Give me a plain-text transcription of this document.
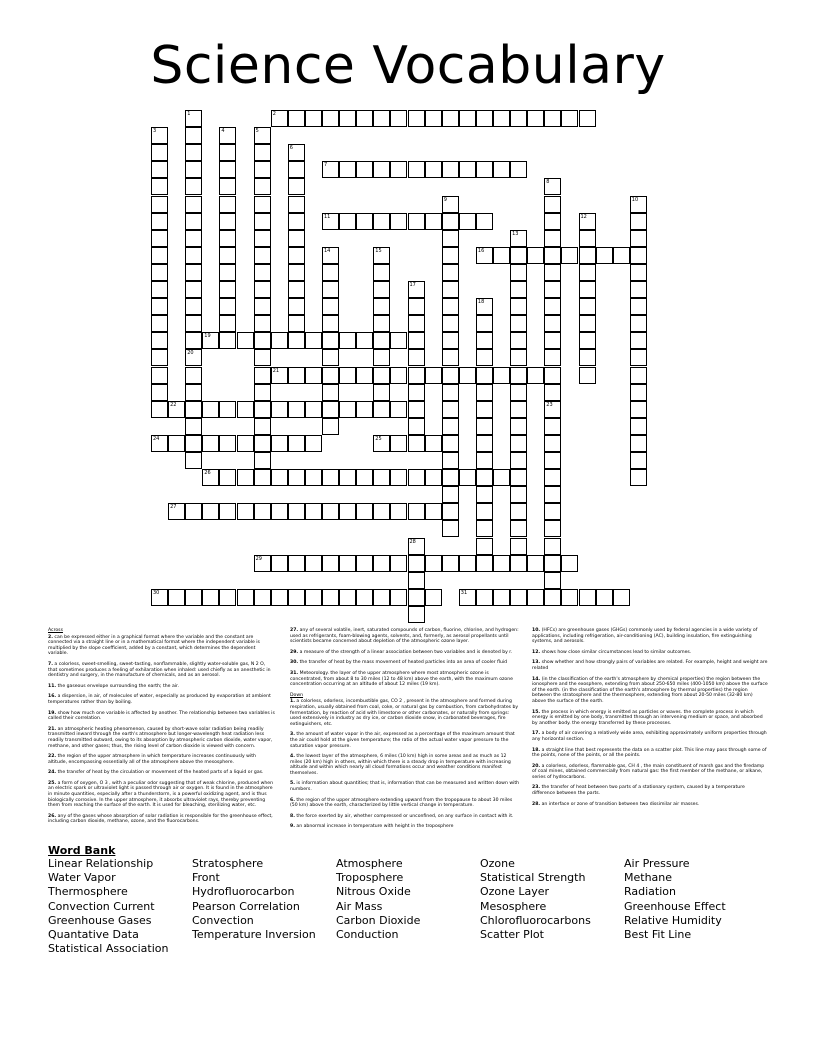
Science Vocabulary
2
7
11
16
19
21
22
24	25
26
27
29
30	31
1
20
3	4	5
6
8
23
9	10
12
13
14	15
17
18
28
Across

2. can be expressed either in a graphical format where the variable and the constant are connected via a straight line or in a mathematical format where the independent variable is multiplied by the slope coefficient, added by a constant, which determines the dependent variable.

7. a colorless, sweet-smelling, sweet-tasting, nonflammable, slightly water-soluble gas, N 2 O, that sometimes produces a feeling of exhilaration when inhaled: used chiefly as an anesthetic in dentistry and surgery, in the manufacture of chemicals, and as an aerosol.

11. the gaseous envelope surrounding the earth; the air.

16. a dispersion, in air, of molecules of water, especially as produced by evaporation at ambient temperatures rather than by boiling.

19. show how much one variable is affected by another. The relationship between two variables is called their correlation.

21. an atmospheric heating phenomenon, caused by short-wave solar radiation being readily transmitted inward through the earth's atmosphere but longer-wavelength heat radiation less readily transmitted outward, owing to its absorption by atmospheric carbon dioxide, water vapor, methane, and other gases; thus, the rising level of carbon dioxide is viewed with concern.

22. the region of the upper atmosphere in which temperature increases continuously with altitude, encompassing essentially all of the atmosphere above the mesosphere.

24. the transfer of heat by the circulation or movement of the heated parts of a liquid or gas.

25. a form of oxygen, O 3 , with a peculiar odor suggesting that of weak chlorine, produced when an electric spark or ultraviolet light is passed through air or oxygen. It is found in the atmosphere in minute quantities, especially after a thunderstorm, is a powerful oxidizing agent, and is thus biologically corrosive. In the upper atmosphere, it absorbs ultraviolet rays, thereby preventing them from reaching the surface of the earth. It is used for bleaching, sterilizing water, etc.

26. any of the gases whose absorption of solar radiation is responsible for the greenhouse effect, including carbon dioxide, methane, ozone, and the fluorocarbons.

27. any of several volatile, inert, saturated compounds of carbon, fluorine, chlorine, and hydrogen: used as refrigerants, foam-blowing agents, solvents, and, formerly, as aerosol propellants until scientists became concerned about depletion of the atmospheric ozone layer.

29. a measure of the strength of a linear association between two variables and is denoted by r.

30. the transfer of heat by the mass movement of heated particles into an area of cooler fluid

31. Meteorology. the layer of the upper atmosphere where most atmospheric ozone is concentrated, from about 8 to 30 miles (12 to 48 km) above the earth, with the maximum ozone concentration occurring at an altitude of about 12 miles (19 km).

Down

1. a colorless, odorless, incombustible gas, CO 2 , present in the atmosphere and formed during respiration, usually obtained from coal, coke, or natural gas by combustion, from carbohydrates by fermentation, by reaction of acid with limestone or other carbonates, or naturally from springs: used extensively in industry as dry ice, or carbon dioxide snow, in carbonated beverages, fire extinguishers, etc.

3. the amount of water vapor in the air, expressed as a percentage of the maximum amount that the air could hold at the given temperature; the ratio of the actual water vapor pressure to the saturation vapor pressure.

4. the lowest layer of the atmosphere, 6 miles (10 km) high in some areas and as much as 12 miles (20 km) high in others, within which there is a steady drop in temperature with increasing altitude and within which nearly all cloud formations occur and weather conditions manifest themselves.

5. is information about quantities; that is, information that can be measured and written down with numbers.

6. the region of the upper atmosphere extending upward from the tropopause to about 30 miles (50 km) above the earth, characterized by little vertical change in temperature.

8. the force exerted by air, whether compressed or unconfined, on any surface in contact with it.

9. an abnormal increase in temperature with height in the troposphere

10. (HFCs) are greenhouse gases (GHGs) commonly used by federal agencies in a wide variety of applications, including refrigeration, air-conditioning (AC), building insulation, fire extinguishing systems, and aerosols.

12. shows how close similar circumstances lead to similar outcomes.

13. show whether and how strongly pairs of variables are related. For example, height and weight are related

14. (in the classification of the earth's atmosphere by chemical properties) the region between the ionosphere and the exosphere, extending from about 250-650 miles (400-1050 km) above the surface of the earth. (in the classification of the earth's atmosphere by thermal properties) the region between the stratosphere and the thermosphere, extending from about 20-50 miles (32-80 km) above the surface of the earth.

15. the process in which energy is emitted as particles or waves. the complete process in which energy is emitted by one body, transmitted through an intervening medium or space, and absorbed by another body. the energy transferred by these processes.

17. a body of air covering a relatively wide area, exhibiting approximately uniform properties through any horizontal section.

18. a straight line that best represents the data on a scatter plot. This line may pass through some of the points, none of the points, or all the points.

20. a colorless, odorless, flammable gas, CH 4 , the main constituent of marsh gas and the firedamp of coal mines, obtained commercially from natural gas: the first member of the methane, or alkane, series of hydrocarbons.

23. the transfer of heat between two parts of a stationary system, caused by a temperature difference between the parts.

28. an interface or zone of transition between two dissimilar air masses.

Word Bank
Linear Relationship
Water Vapor
Thermosphere
Convection Current
Greenhouse Gases
Quantative Data
Statistical Association
Stratosphere
Front
Hydrofluorocarbon
Pearson Correlation
Convection
Temperature Inversion
Atmosphere
Troposphere
Nitrous Oxide
Air Mass
Carbon Dioxide
Conduction
Ozone
Statistical Strength
Ozone Layer
Mesosphere
Chlorofluorocarbons
Scatter Plot
Air Pressure
Methane
Radiation
Greenhouse Effect
Relative Humidity
Best Fit Line
